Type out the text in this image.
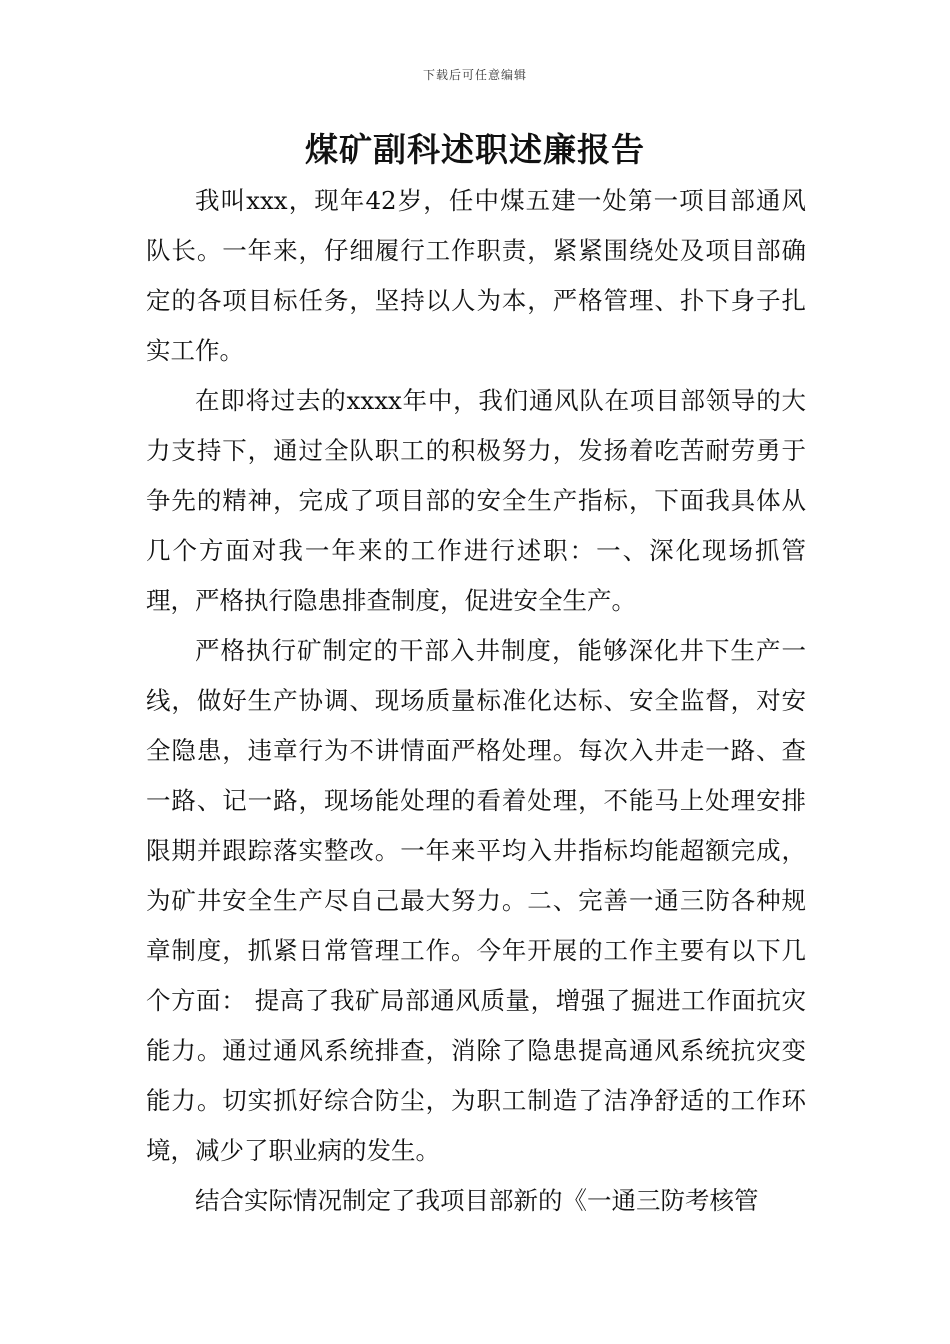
下载后可任意编辑
煤矿副科述职述廉报告

我叫xxx，现年42岁，任中煤五建一处第一项目部通风队长。一年来，仔细履行工作职责，紧紧围绕处及项目部确定的各项目标任务，坚持以人为本，严格管理、扑下身子扎实工作。

在即将过去的xxxx年中，我们通风队在项目部领导的大力支持下，通过全队职工的积极努力，发扬着吃苦耐劳勇于争先的精神，完成了项目部的安全生产指标，下面我具体从几个方面对我一年来的工作进行述职：一、深化现场抓管理，严格执行隐患排查制度，促进安全生产。

严格执行矿制定的干部入井制度，能够深化井下生产一线，做好生产协调、现场质量标准化达标、安全监督，对安全隐患，违章行为不讲情面严格处理。每次入井走一路、查一路、记一路，现场能处理的看着处理，不能马上处理安排限期并跟踪落实整改。一年来平均入井指标均能超额完成，为矿井安全生产尽自己最大努力。二、完善一通三防各种规章制度，抓紧日常管理工作。今年开展的工作主要有以下几个方面： 提高了我矿局部通风质量，增强了掘进工作面抗灾能力。通过通风系统排查，消除了隐患提高通风系统抗灾变能力。切实抓好综合防尘，为职工制造了洁净舒适的工作环境，减少了职业病的发生。

结合实际情况制定了我项目部新的《一通三防考核管
